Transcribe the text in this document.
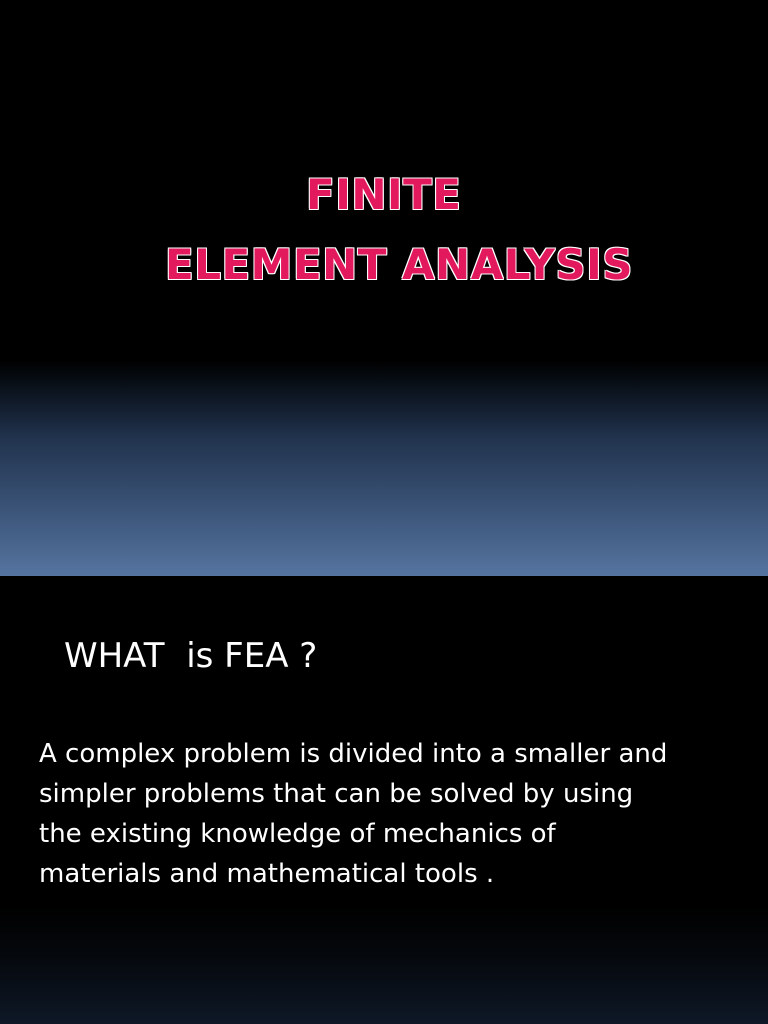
FINITE
ELEMENT ANALYSIS
WHAT  is FEA ?
A complex problem is divided into a smaller and
simpler problems that can be solved by using
the existing knowledge of mechanics of
materials and mathematical tools .
